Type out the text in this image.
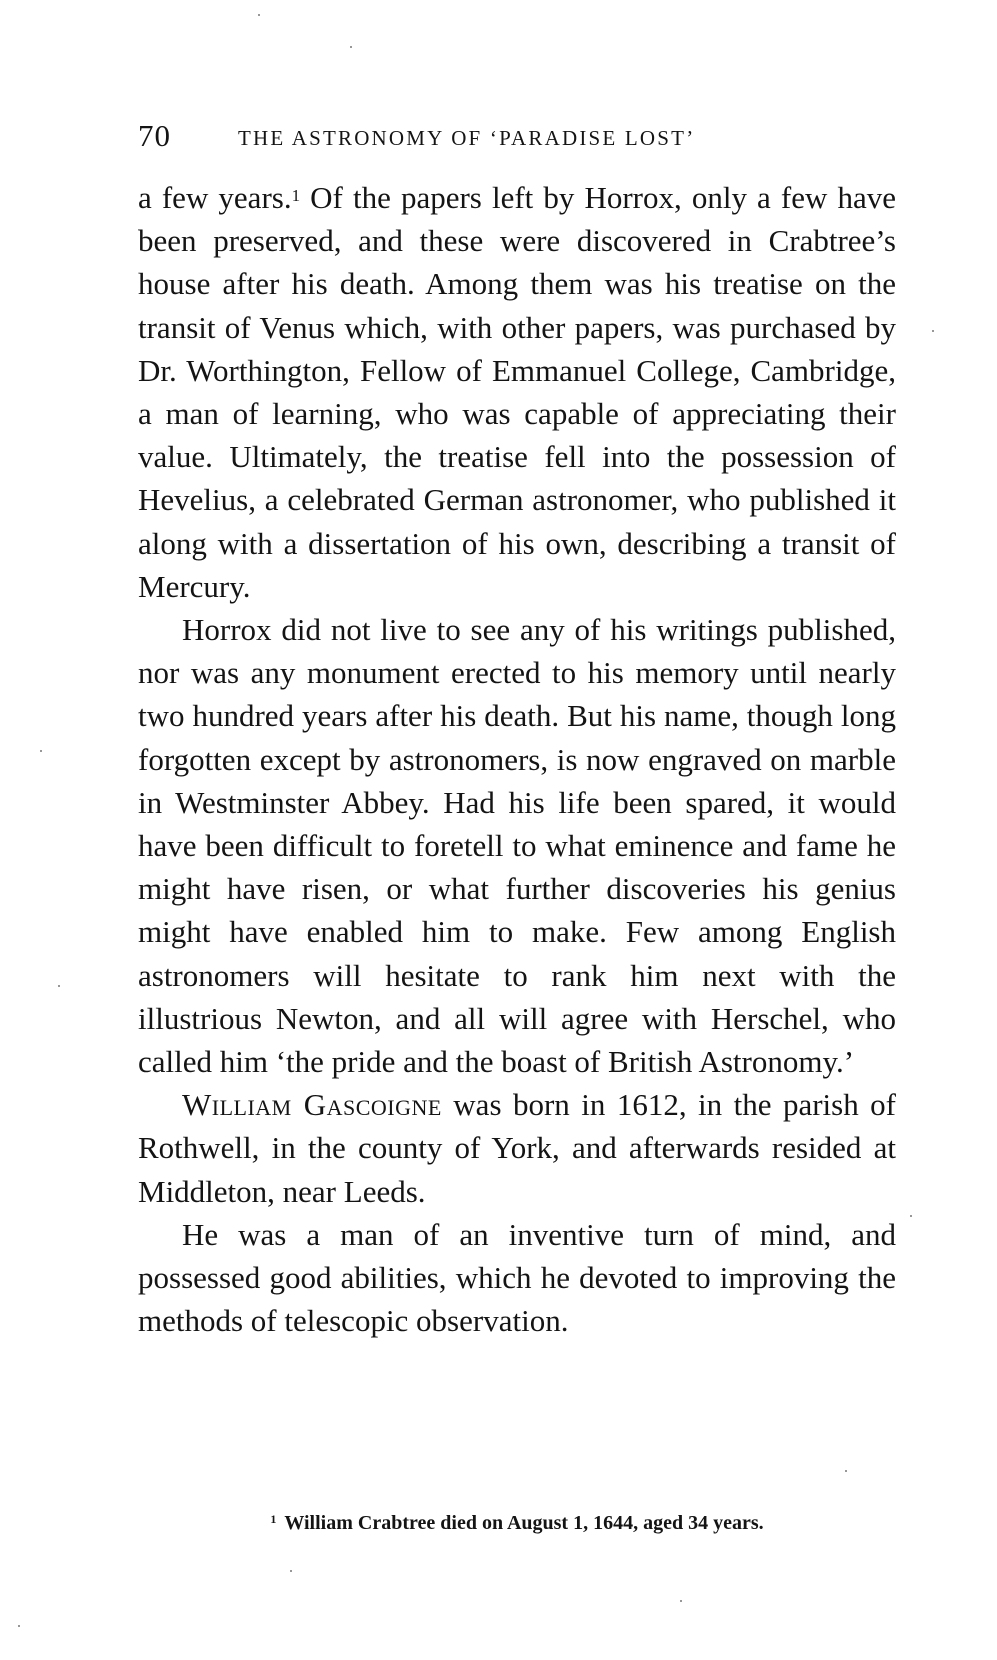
70	THE ASTRONOMY OF ‘PARADISE LOST’

a few years.$^1$ Of the papers left by Horrox, only a few have been preserved, and these were discovered in Crabtree’s house after his death. Among them was his treatise on the transit of Venus which, with other papers, was purchased by Dr. Worthington, Fellow of Emmanuel College, Cambridge, a man of learning, who was capable of appreciating their value. Ultimately, the treatise fell into the possession of Hevelius, a celebrated German astronomer, who published it along with a dissertation of his own, describing a transit of Mercury.

Horrox did not live to see any of his writings published, nor was any monument erected to his memory until nearly two hundred years after his death. But his name, though long forgotten except by astronomers, is now engraved on marble in Westminster Abbey. Had his life been spared, it would have been difficult to foretell to what eminence and fame he might have risen, or what further discoveries his genius might have enabled him to make. Few among English astronomers will hesitate to rank him next with the illustrious Newton, and all will agree with Herschel, who called him ‘the pride and the boast of British Astronomy.’

William Gascoigne was born in 1612, in the parish of Rothwell, in the county of York, and afterwards resided at Middleton, near Leeds.

He was a man of an inventive turn of mind, and possessed good abilities, which he devoted to improving the methods of telescopic observation.

$^1$ William Crabtree died on August 1, 1644, aged 34 years.
